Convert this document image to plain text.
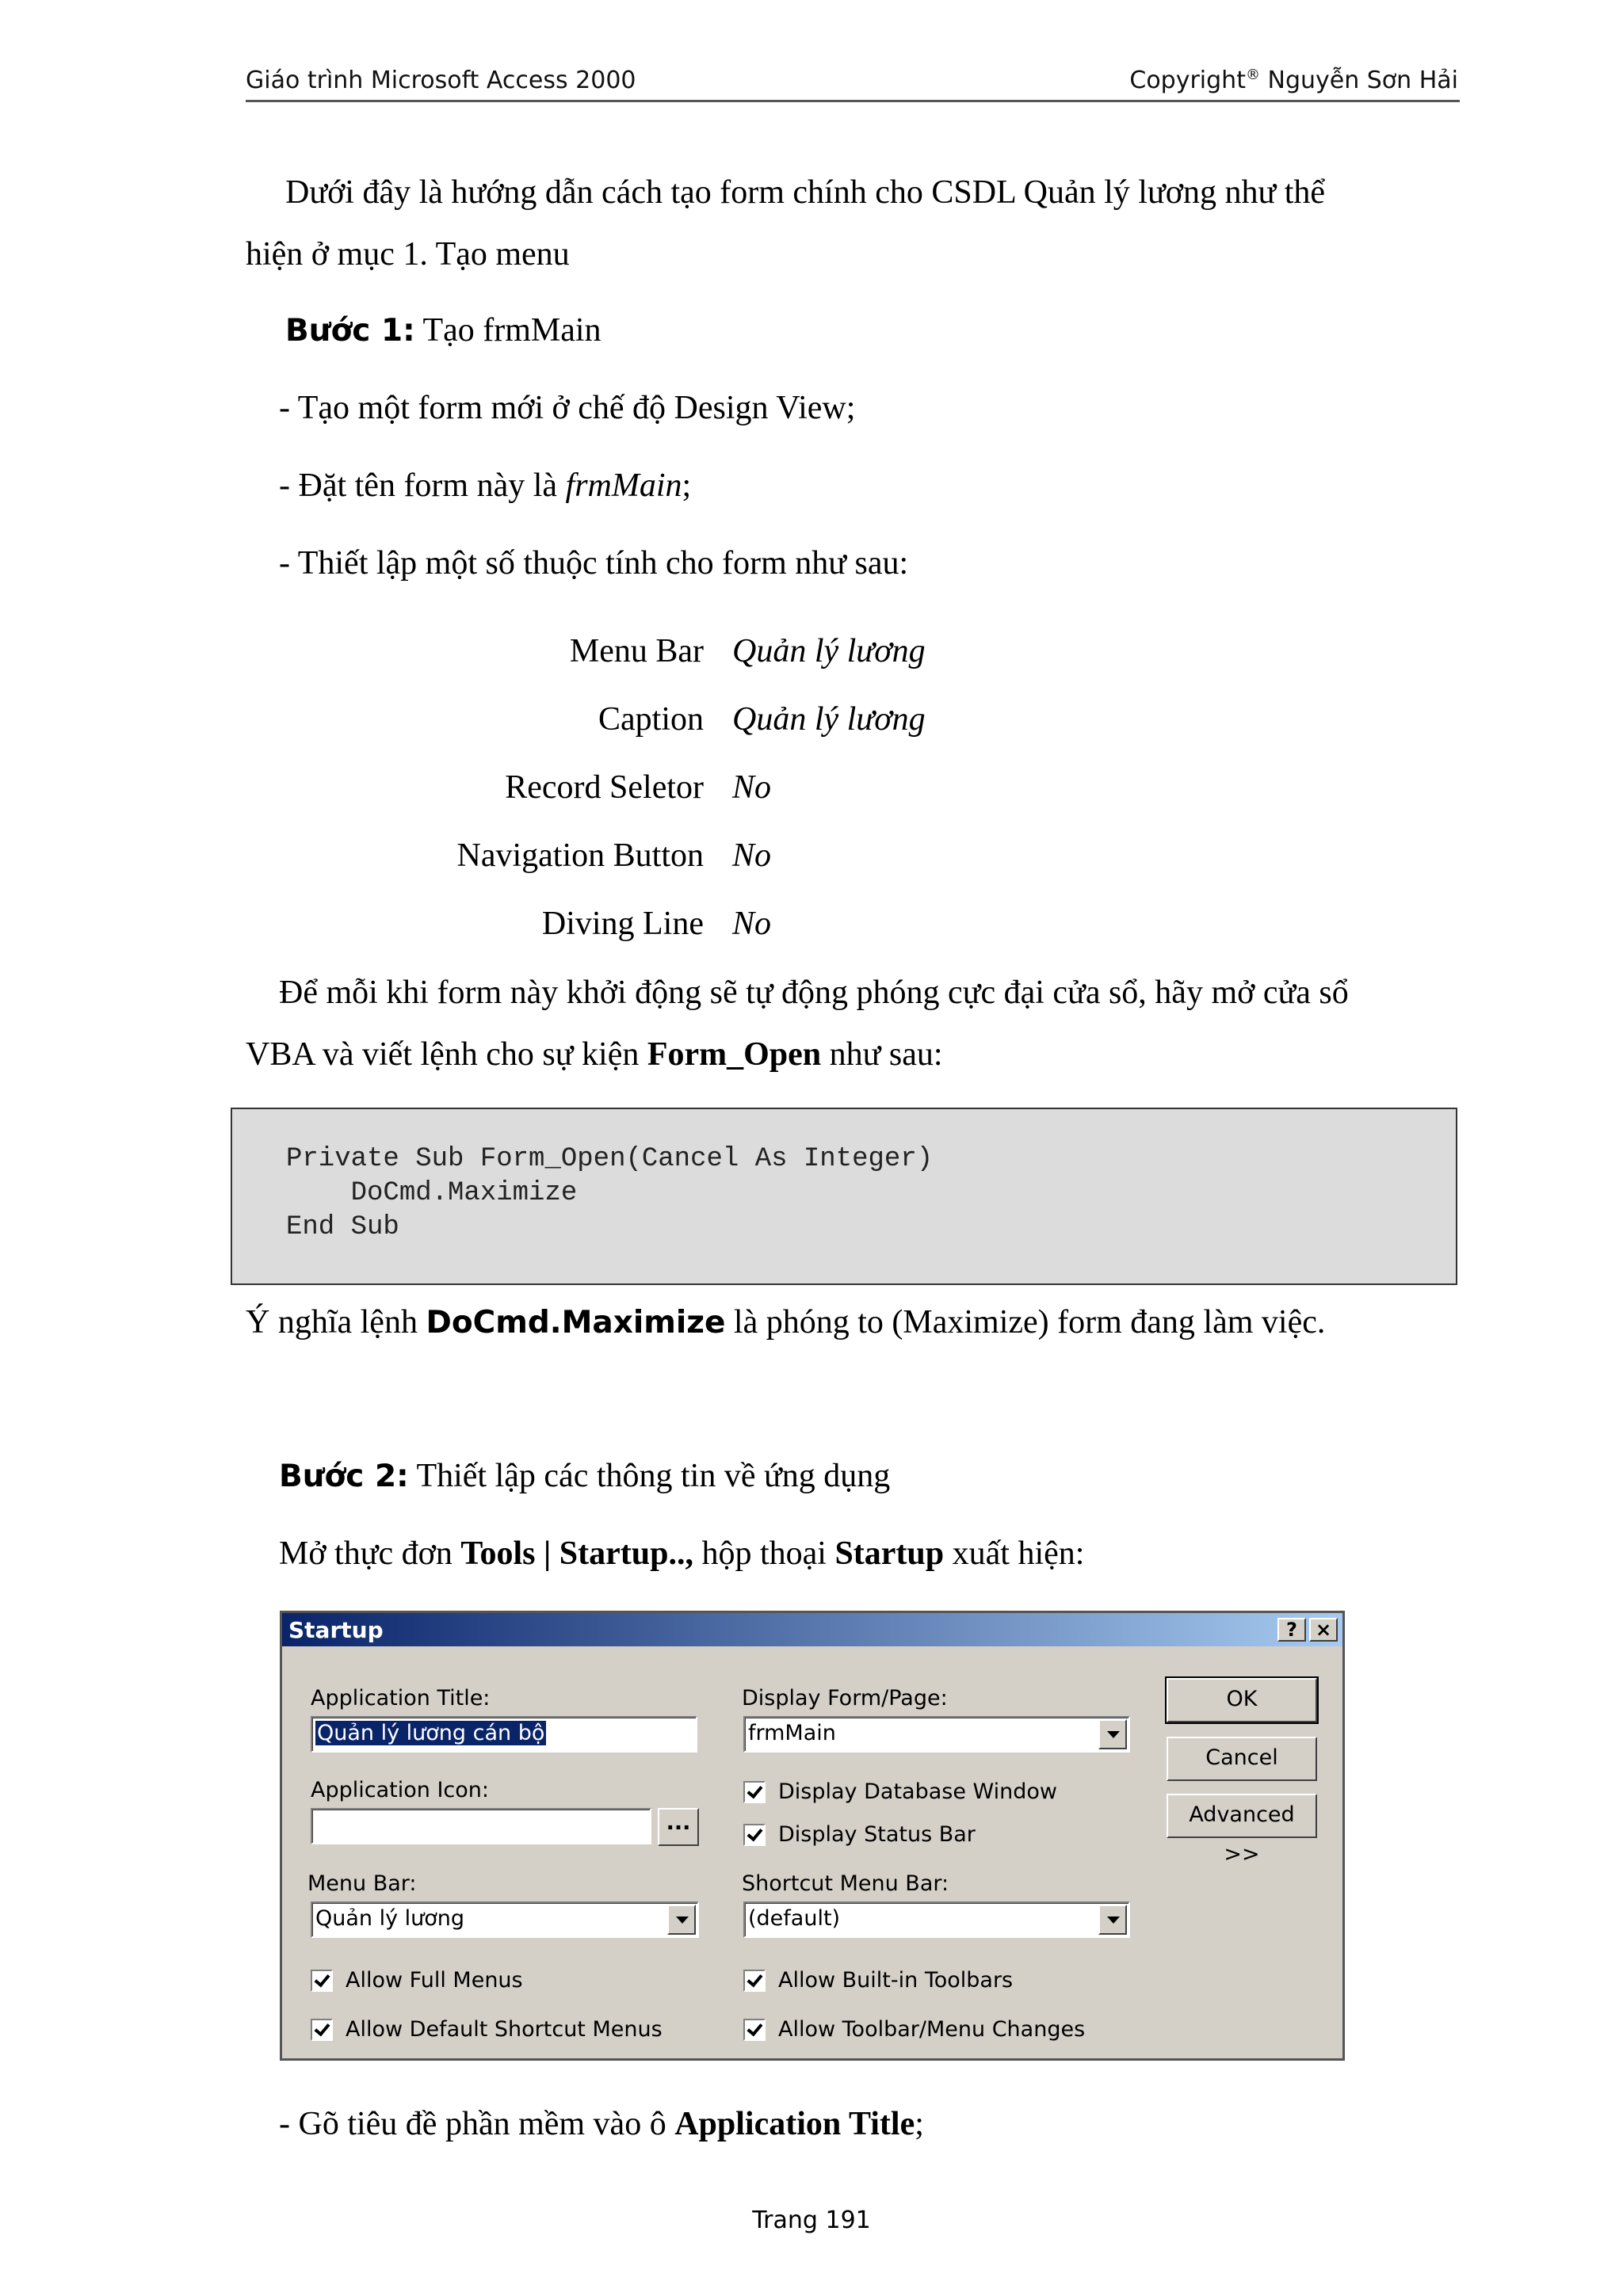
Giáo trình Microsoft Access 2000	Copyright® Nguyễn Sơn Hải
Dưới đây là hướng dẫn cách tạo form chính cho CSDL Quản lý lương như thể
hiện ở mục 1. Tạo menu
Bước 1: Tạo frmMain
- Tạo một form mới ở chế độ Design View;
- Đặt tên form này là frmMain;
- Thiết lập một số thuộc tính cho form như sau:
Menu Bar Quản lý lương
Caption Quản lý lương
Record Seletor No
Navigation Button No
Diving Line No
Để mỗi khi form này khởi động sẽ tự động phóng cực đại cửa sổ, hãy mở cửa sổ
VBA và viết lệnh cho sự kiện Form_Open như sau:
Private Sub Form_Open(Cancel As Integer)
DoCmd.Maximize
End Sub
Ý nghĩa lệnh DoCmd.Maximize là phóng to (Maximize) form đang làm việc.
Bước 2: Thiết lập các thông tin về ứng dụng
Mở thực đơn Tools | Startup.., hộp thoại Startup xuất hiện:
Startup	? ×
Application Title:
Quản lý lương cán bộ
Application Icon:
...
Menu Bar:
Quản lý lương
Allow Full Menus
Allow Default Shortcut Menus
Display Form/Page:
frmMain
Display Database Window
Display Status Bar
Shortcut Menu Bar:
(default)
Allow Built-in Toolbars
Allow Toolbar/Menu Changes
OK
Cancel
Advanced >>
- Gõ tiêu đề phần mềm vào ô Application Title;
Trang 191
